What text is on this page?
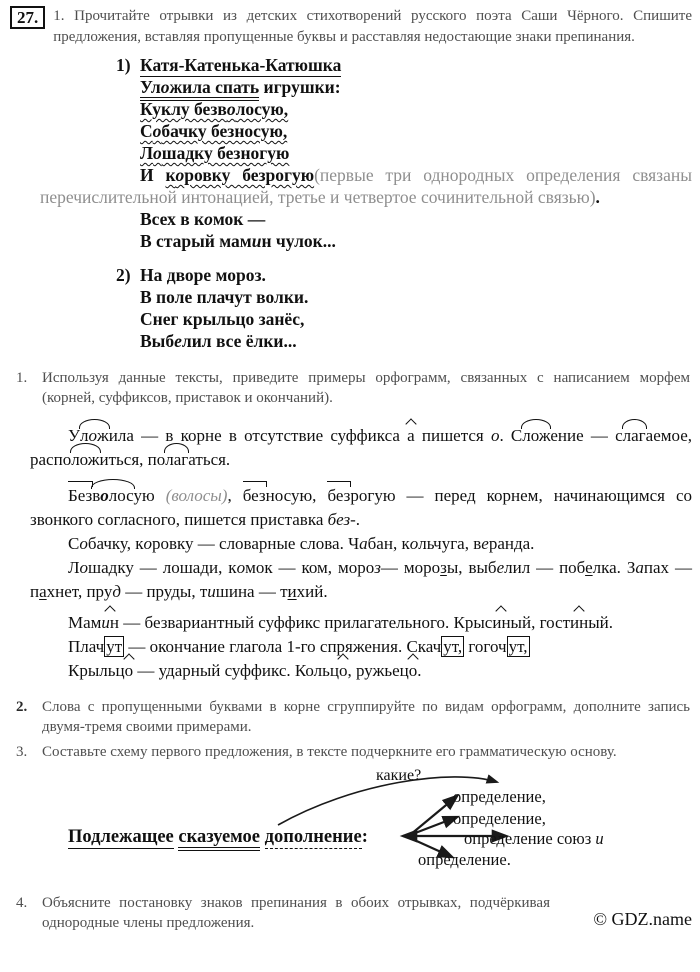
27.	1. Прочитайте отрывки из детских стихотворений русского поэта Саши Чёрного. Спишите предложения, вставляя пропущенные буквы и расставляя недостающие знаки препинания.
1) Катя-Катенька-Катюшка
Уложила спать игрушки:
Куклу безволосую,
Собачку безносую,
Лошадку безногую
И коровку безрогую(первые три однородных определения связаны перечислительной интонацией, третье и четвертое сочинительной связью).
Всех в комок —
В старый мамин чулок...
2) На дворе мороз.
В поле плачут волки.
Снег крыльцо занёс,
Выбелил все ёлки...
1. Используя данные тексты, приведите примеры орфограмм, связанных с написанием морфем (корней, суффиксов, приставок и окончаний).

Уложила — в корне в отсутствие суффикса а пишется о. Сложение — слагаемое, расположиться, полагаться.

Безволосую (волосы), безносую, безрогую — перед корнем, начинающимся со звонкого согласного, пишется приставка без-.

Собачку, коровку — словарные слова. Чабан, кольчуга, веранда.

Лошадку — лошади, комок — ком, мороз— морозы, выбелил — побелка. Запах — пахнет, пруд — пруды, тишина — тихий.

Мамин — безвариантный суффикс прилагательного. Крысиный, гостиный.

Плач ут — окончание глагола 1-го спряжения. Скач ут, гогоч ут,

Крыльцо — ударный суффикс. Кольцо, ружьецо.

2. Слова с пропущенными буквами в корне сгруппируйте по видам орфограмм, дополните запись двумя-тремя своими примерами.
3. Составьте схему первого предложения, в тексте подчеркните его грамматическую основу.
какие?
Подлежащее сказуемое дополнение:
определение,
определение,
определение союз и
определение.
4. Объясните постановку знаков препинания в обоих отрывках, подчёркивая однородные члены предложения.	© GDZ.name
